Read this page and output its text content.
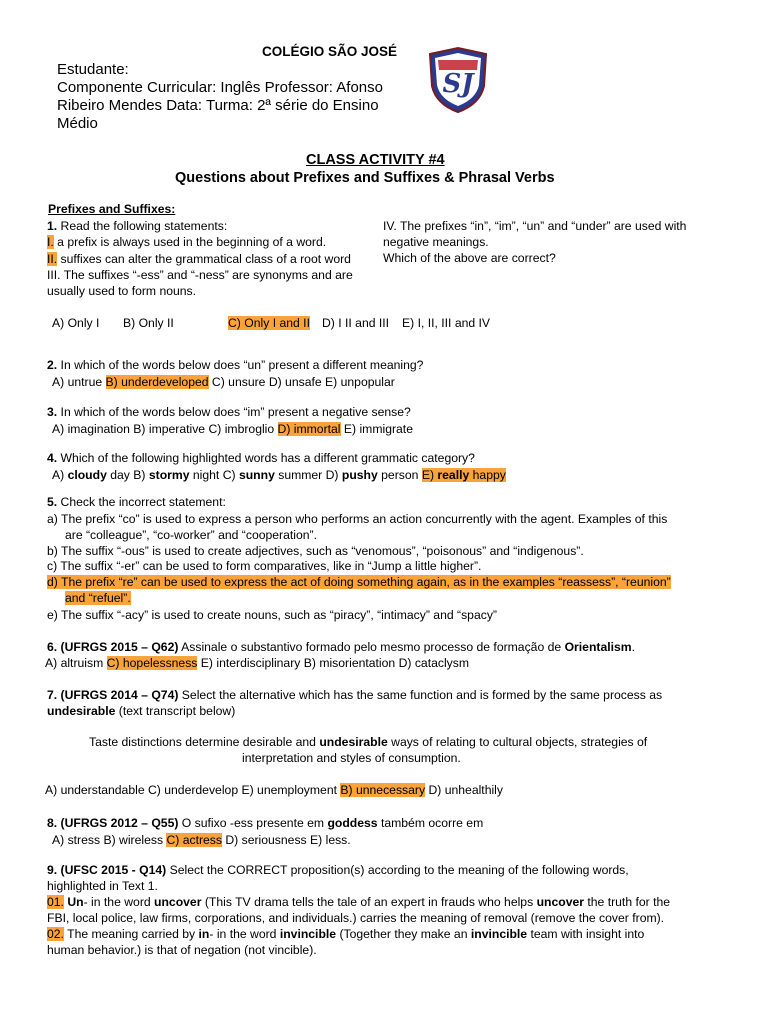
COLÉGIO SÃO JOSÉ
Estudante:
Componente Curricular: Inglês Professor: Afonso
Ribeiro Mendes Data: Turma: 2ª série do Ensino
Médio
SJ
CLASS ACTIVITY #4
Questions about Prefixes and Suffixes & Phrasal Verbs
Prefixes and Suffixes:
1. Read the following statements:
I. a prefix is always used in the beginning of a word.
II. suffixes can alter the grammatical class of a root word
III. The suffixes “-ess” and “-ness” are synonyms and are
usually used to form nouns.
IV. The prefixes “in”, “im”, “un” and “under” are used with
negative meanings.
Which of the above are correct?
A) Only I B) Only II	C) Only I and II D) I II and III E) I, II, III and IV
2. In which of the words below does “un” present a different meaning?
A) untrue B) underdeveloped C) unsure D) unsafe E) unpopular
3. In which of the words below does “im” present a negative sense?
A) imagination B) imperative C) imbroglio D) immortal E) immigrate
4. Which of the following highlighted words has a different grammatic category?
A) cloudy day B) stormy night C) sunny summer D) pushy person E) really happy
5. Check the incorrect statement:
a) The prefix “co” is used to express a person who performs an action concurrently with the agent. Examples of this
are “colleague”, “co-worker” and “cooperation”.
b) The suffix “-ous” is used to create adjectives, such as “venomous”, “poisonous” and “indigenous”.
c) The suffix “-er” can be used to form comparatives, like in “Jump a little higher”.
d) The prefix “re” can be used to express the act of doing something again, as in the examples “reassess”, “reunion”
and “refuel”.
e) The suffix “-acy” is used to create nouns, such as “piracy”, “intimacy” and “spacy”
6. (UFRGS 2015 – Q62) Assinale o substantivo formado pelo mesmo processo de formação de Orientalism.
A) altruism C) hopelessness E) interdisciplinary B) misorientation D) cataclysm
7. (UFRGS 2014 – Q74) Select the alternative which has the same function and is formed by the same process as
undesirable (text transcript below)
Taste distinctions determine desirable and undesirable ways of relating to cultural objects, strategies of
interpretation and styles of consumption.
A) understandable C) underdevelop E) unemployment B) unnecessary D) unhealthily
8. (UFRGS 2012 – Q55) O sufixo -ess presente em goddess também ocorre em
A) stress B) wireless C) actress D) seriousness E) less.
9. (UFSC 2015 - Q14) Select the CORRECT proposition(s) according to the meaning of the following words,
highlighted in Text 1.
01. Un- in the word uncover (This TV drama tells the tale of an expert in frauds who helps uncover the truth for the
FBI, local police, law firms, corporations, and individuals.) carries the meaning of removal (remove the cover from).
02. The meaning carried by in- in the word invincible (Together they make an invincible team with insight into
human behavior.) is that of negation (not vincible).
